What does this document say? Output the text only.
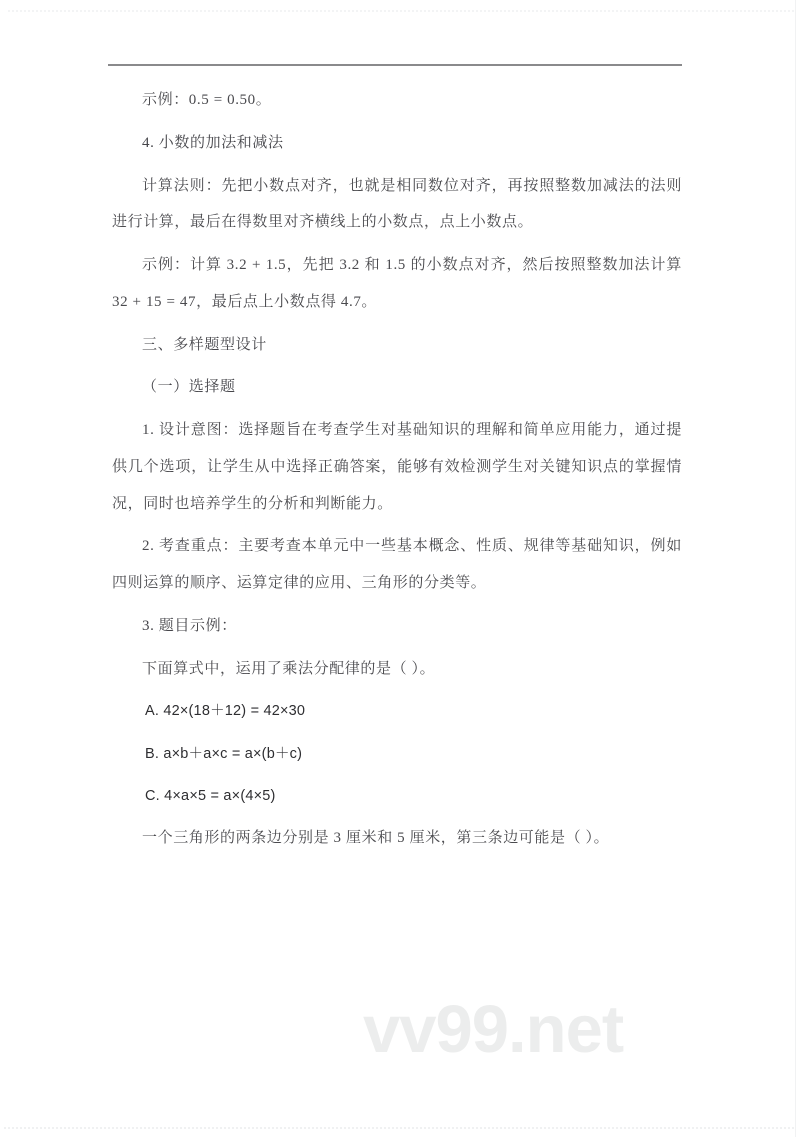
示例：0.5 = 0.50。

4. 小数的加法和减法

计算法则：先把小数点对齐，也就是相同数位对齐，再按照整数加减法的法则进行计算，最后在得数里对齐横线上的小数点，点上小数点。

示例：计算 3.2 + 1.5，先把 3.2 和 1.5 的小数点对齐，然后按照整数加法计算 32 + 15 = 47，最后点上小数点得 4.7。

三、多样题型设计

（一）选择题

1. 设计意图：选择题旨在考查学生对基础知识的理解和简单应用能力，通过提供几个选项，让学生从中选择正确答案，能够有效检测学生对关键知识点的掌握情况，同时也培养学生的分析和判断能力。

2. 考查重点：主要考查本单元中一些基本概念、性质、规律等基础知识，例如四则运算的顺序、运算定律的应用、三角形的分类等。

3. 题目示例：

下面算式中，运用了乘法分配律的是（ ）。

A. 42×(18＋12) = 42×30

B. a×b＋a×c = a×(b＋c)

C. 4×a×5 = a×(4×5)

一个三角形的两条边分别是 3 厘米和 5 厘米，第三条边可能是（ ）。

vv99.net
